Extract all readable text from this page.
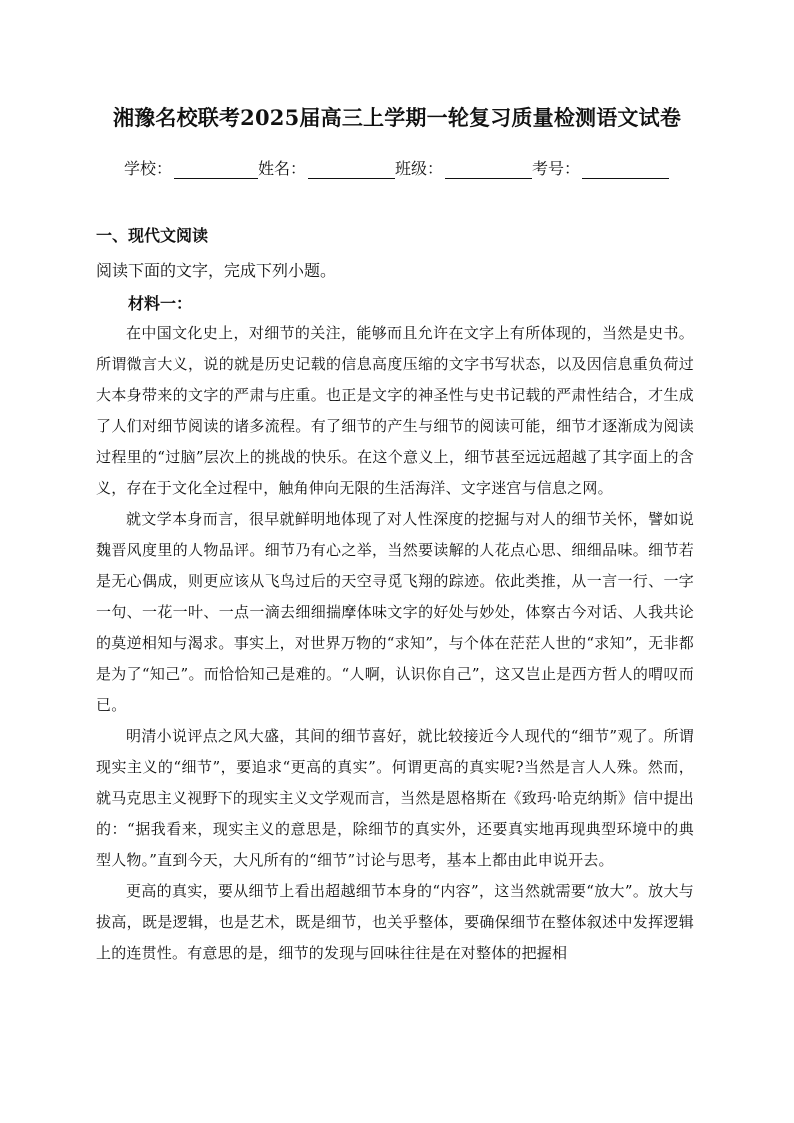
湘豫名校联考2025届高三上学期一轮复习质量检测语文试卷
学校：	姓名：	班级：	考号：
一、现代文阅读
阅读下面的文字，完成下列小题。
材料一：

在中国文化史上，对细节的关注，能够而且允许在文字上有所体现的，当然是史书。所谓微言大义，说的就是历史记载的信息高度压缩的文字书写状态，以及因信息重负荷过大本身带来的文字的严肃与庄重。也正是文字的神圣性与史书记载的严肃性结合，才生成了人们对细节阅读的诸多流程。有了细节的产生与细节的阅读可能，细节才逐渐成为阅读过程里的“过脑”层次上的挑战的快乐。在这个意义上，细节甚至远远超越了其字面上的含义，存在于文化全过程中，触角伸向无限的生活海洋、文字迷宫与信息之网。

就文学本身而言，很早就鲜明地体现了对人性深度的挖掘与对人的细节关怀，譬如说魏晋风度里的人物品评。细节乃有心之举，当然要读解的人花点心思、细细品味。细节若是无心偶成，则更应该从飞鸟过后的天空寻觅飞翔的踪迹。依此类推，从一言一行、一字一句、一花一叶、一点一滴去细细揣摩体味文字的好处与妙处，体察古今对话、人我共论的莫逆相知与渴求。事实上，对世界万物的“求知”，与个体在茫茫人世的“求知”，无非都是为了“知己”。而恰恰知己是难的。“人啊，认识你自己”，这又岂止是西方哲人的喟叹而已。

明清小说评点之风大盛，其间的细节喜好，就比较接近今人现代的“细节”观了。所谓现实主义的“细节”，要追求“更高的真实”。何谓更高的真实呢?当然是言人人殊。然而，就马克思主义视野下的现实主义文学观而言，当然是恩格斯在《致玛·哈克纳斯》信中提出的：“据我看来，现实主义的意思是，除细节的真实外，还要真实地再现典型环境中的典型人物。”直到今天，大凡所有的“细节”讨论与思考，基本上都由此申说开去。

更高的真实，要从细节上看出超越细节本身的“内容”，这当然就需要“放大”。放大与拔高，既是逻辑，也是艺术，既是细节，也关乎整体，要确保细节在整体叙述中发挥逻辑上的连贯性。有意思的是，细节的发现与回味往往是在对整体的把握相
